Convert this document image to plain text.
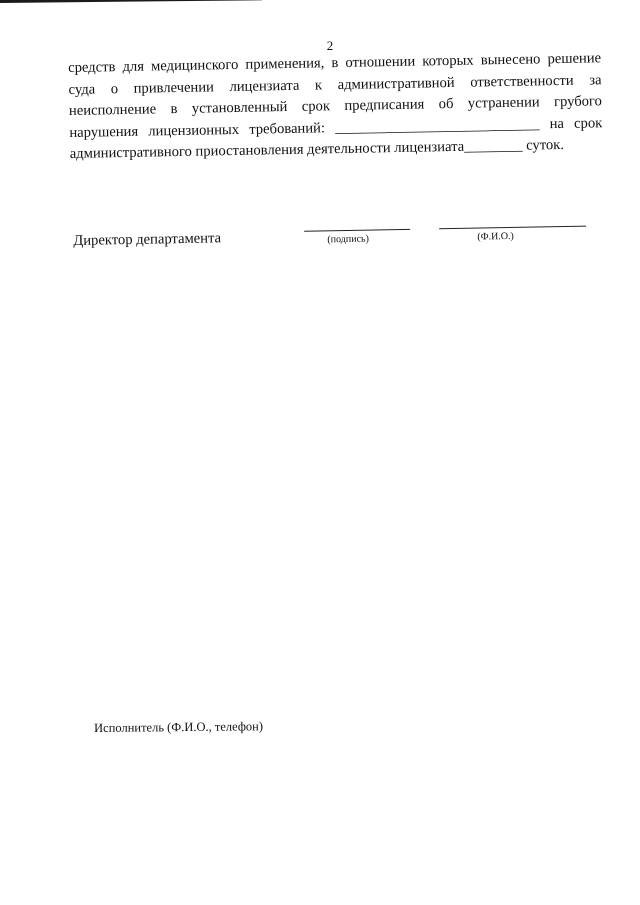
2
средств для медицинского применения, в отношении которых вынесено решение
суда о привлечении лицензиата к административной ответственности за
неисполнение в установленный срок предписания об устранении грубого
нарушения лицензионных требований: ____________________________ на срок
административного приостановления деятельности лицензиата________ суток.
Директор департамента	(подпись)	(Ф.И.О.)
Исполнитель (Ф.И.О., телефон)
